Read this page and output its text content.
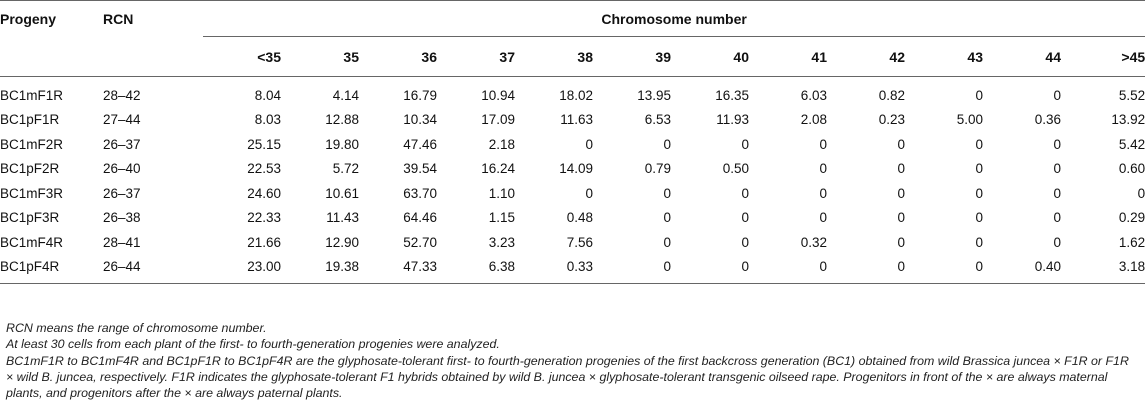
Progeny	RCN	Chromosome number											
		<35	35	36	37	38	39	40	41	42	43	44	>45
BC1mF1R	28–42	8.04	4.14	16.79	10.94	18.02	13.95	16.35	6.03	0.82	0	0	5.52
BC1pF1R	27–44	8.03	12.88	10.34	17.09	11.63	6.53	11.93	2.08	0.23	5.00	0.36	13.92
BC1mF2R	26–37	25.15	19.80	47.46	2.18	0	0	0	0	0	0	0	5.42
BC1pF2R	26–40	22.53	5.72	39.54	16.24	14.09	0.79	0.50	0	0	0	0	0.60
BC1mF3R	26–37	24.60	10.61	63.70	1.10	0	0	0	0	0	0	0	0
BC1pF3R	26–38	22.33	11.43	64.46	1.15	0.48	0	0	0	0	0	0	0.29
BC1mF4R	28–41	21.66	12.90	52.70	3.23	7.56	0	0	0.32	0	0	0	1.62
BC1pF4R	26–44	23.00	19.38	47.33	6.38	0.33	0	0	0	0	0	0.40	3.18

RCN means the range of chromosome number.

At least 30 cells from each plant of the first- to fourth-generation progenies were analyzed.

BC1mF1R to BC1mF4R and BC1pF1R to BC1pF4R are the glyphosate-tolerant first- to fourth-generation progenies of the first backcross generation (BC1) obtained from wild Brassica juncea × F1R or F1R × wild B. juncea, respectively. F1R indicates the glyphosate-tolerant F1 hybrids obtained by wild B. juncea × glyphosate-tolerant transgenic oilseed rape. Progenitors in front of the × are always maternal plants, and progenitors after the × are always paternal plants.
